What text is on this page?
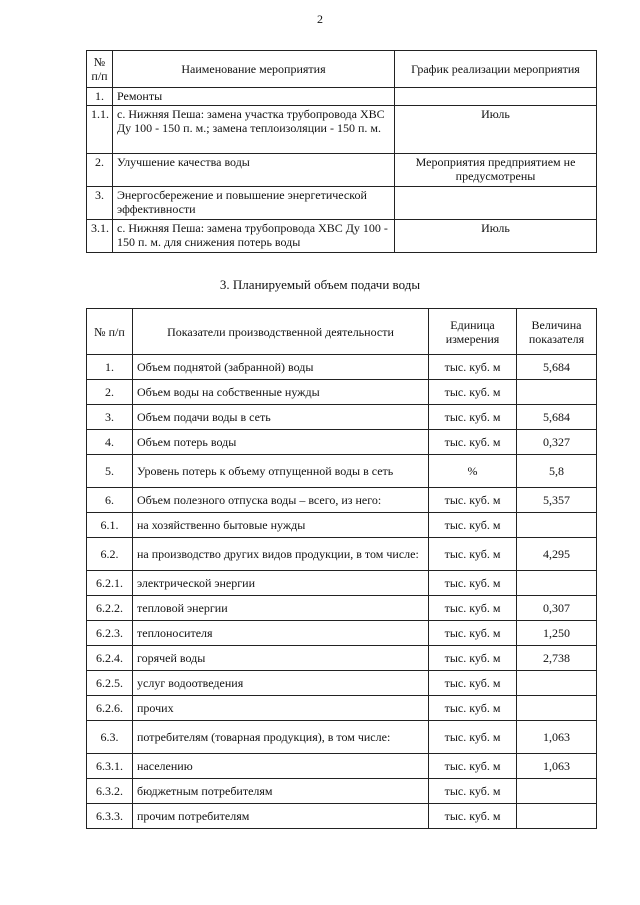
2
№ п/п	Наименование мероприятия	График реализации мероприятия
1.	Ремонты	
1.1.	с. Нижняя Пеша: замена участка трубопровода ХВС Ду 100 - 150 п. м.; замена теплоизоляции - 150 п. м.	Июль
2.	Улучшение качества воды	Мероприятия предприятием не предусмотрены
3.	Энергосбережение и повышение энергетической эффективности	
3.1.	с. Нижняя Пеша: замена трубопровода ХВС Ду 100 - 150 п. м. для снижения потерь воды	Июль
3. Планируемый объем подачи воды
№ п/п	Показатели производственной деятельности	Единица измерения	Величина показателя
1.	Объем поднятой (забранной) воды	тыс. куб. м	5,684
2.	Объем воды на собственные нужды	тыс. куб. м	
3.	Объем подачи воды в сеть	тыс. куб. м	5,684
4.	Объем потерь воды	тыс. куб. м	0,327
5.	Уровень потерь к объему отпущенной воды в сеть	%	5,8
6.	Объем полезного отпуска воды – всего, из него:	тыс. куб. м	5,357
6.1.	на хозяйственно бытовые нужды	тыс. куб. м	
6.2.	на производство других видов продукции, в том числе:	тыс. куб. м	4,295
6.2.1.	электрической энергии	тыс. куб. м	
6.2.2.	тепловой энергии	тыс. куб. м	0,307
6.2.3.	теплоносителя	тыс. куб. м	1,250
6.2.4.	горячей воды	тыс. куб. м	2,738
6.2.5.	услуг водоотведения	тыс. куб. м	
6.2.6.	прочих	тыс. куб. м	
6.3.	потребителям (товарная продукция), в том числе:	тыс. куб. м	1,063
6.3.1.	населению	тыс. куб. м	1,063
6.3.2.	бюджетным потребителям	тыс. куб. м	
6.3.3.	прочим потребителям	тыс. куб. м	
